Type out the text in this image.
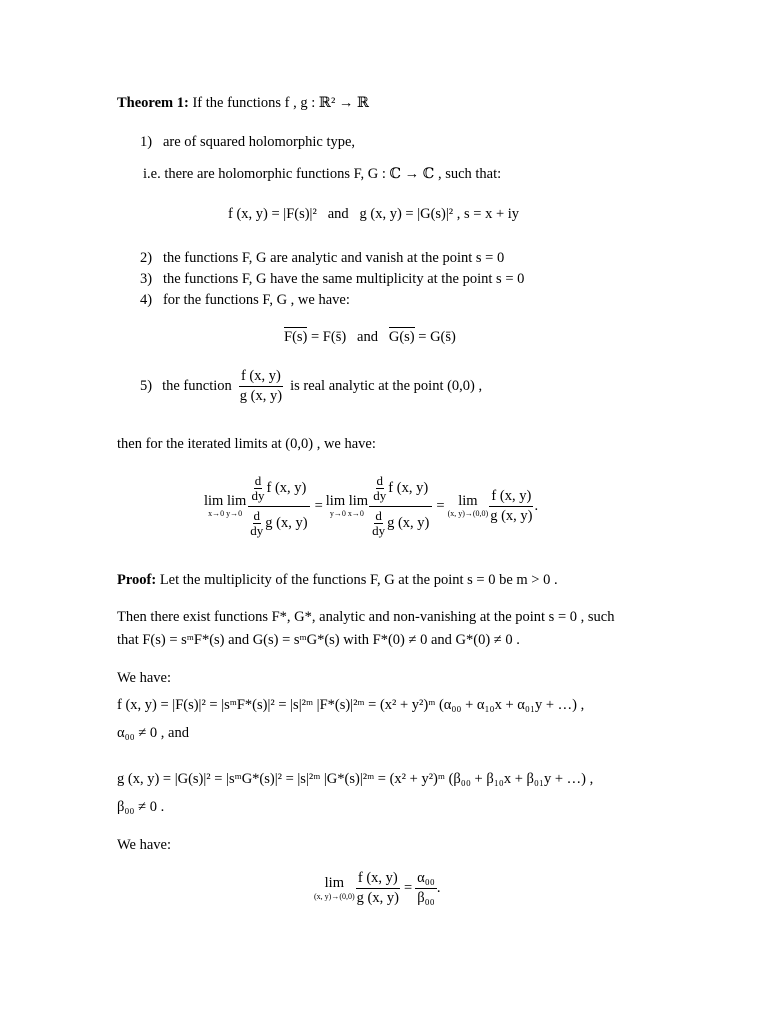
Theorem 1: If the functions f , g : ℝ² → ℝ
1) are of squared holomorphic type,
i.e. there are holomorphic functions F, G : ℂ → ℂ , such that:
f (x, y) = |F(s)|² and g (x, y) = |G(s)|² , s = x + iy
2) the functions F, G are analytic and vanish at the point s = 0
3) the functions F, G have the same multiplicity at the point s = 0
4) for the functions F, G , we have:
F(s) = F(s̄) and G(s) = G(s̄)
5) the function $\frac{f (x, y)}{g (x, y)}$ is real analytic at the point (0,0) ,
then for the iterated limits at (0,0) , we have:
lim lim
x→0 y→0 d
dy f (x, y)
d
dy g (x, y) = lim lim
y→0 x→0 d
dy f (x, y)
d
dy g (x, y) = lim
(x, $y)\to(0,0) \frac{f (x, y)}{g (x, y)}$ .
Proof: Let the multiplicity of the functions F, G at the point s = 0 be m > 0 .
Then there exist functions F*, G*, analytic and non-vanishing at the point s = 0 , such
that F(s) = sᵐF*(s) and G(s) = sᵐG*(s) with F*(0) ≠ 0 and G*(0) ≠ 0 .
We have:
f (x, y) = |F(s)|² = |sᵐF*(s)|² = |s|²ᵐ |F*(s)|²ᵐ = (x² + y²)ᵐ (α₀₀ + α₁₀x + α₀₁y + …) ,
α₀₀ ≠ 0 , and
g (x, y) = |G(s)|² = |sᵐG*(s)|² = |s|²ᵐ |G*(s)|²ᵐ = (x² + y²)ᵐ (β₀₀ + β₁₀x + β₀₁y + …) ,
β₀₀ ≠ 0 .
We have:
lim
(x, $y)\to(0,0) \frac{f (x, y)}{g (x, y)} = \frac{\text{α₀₀}}{\text{β₀₀}}$ .
